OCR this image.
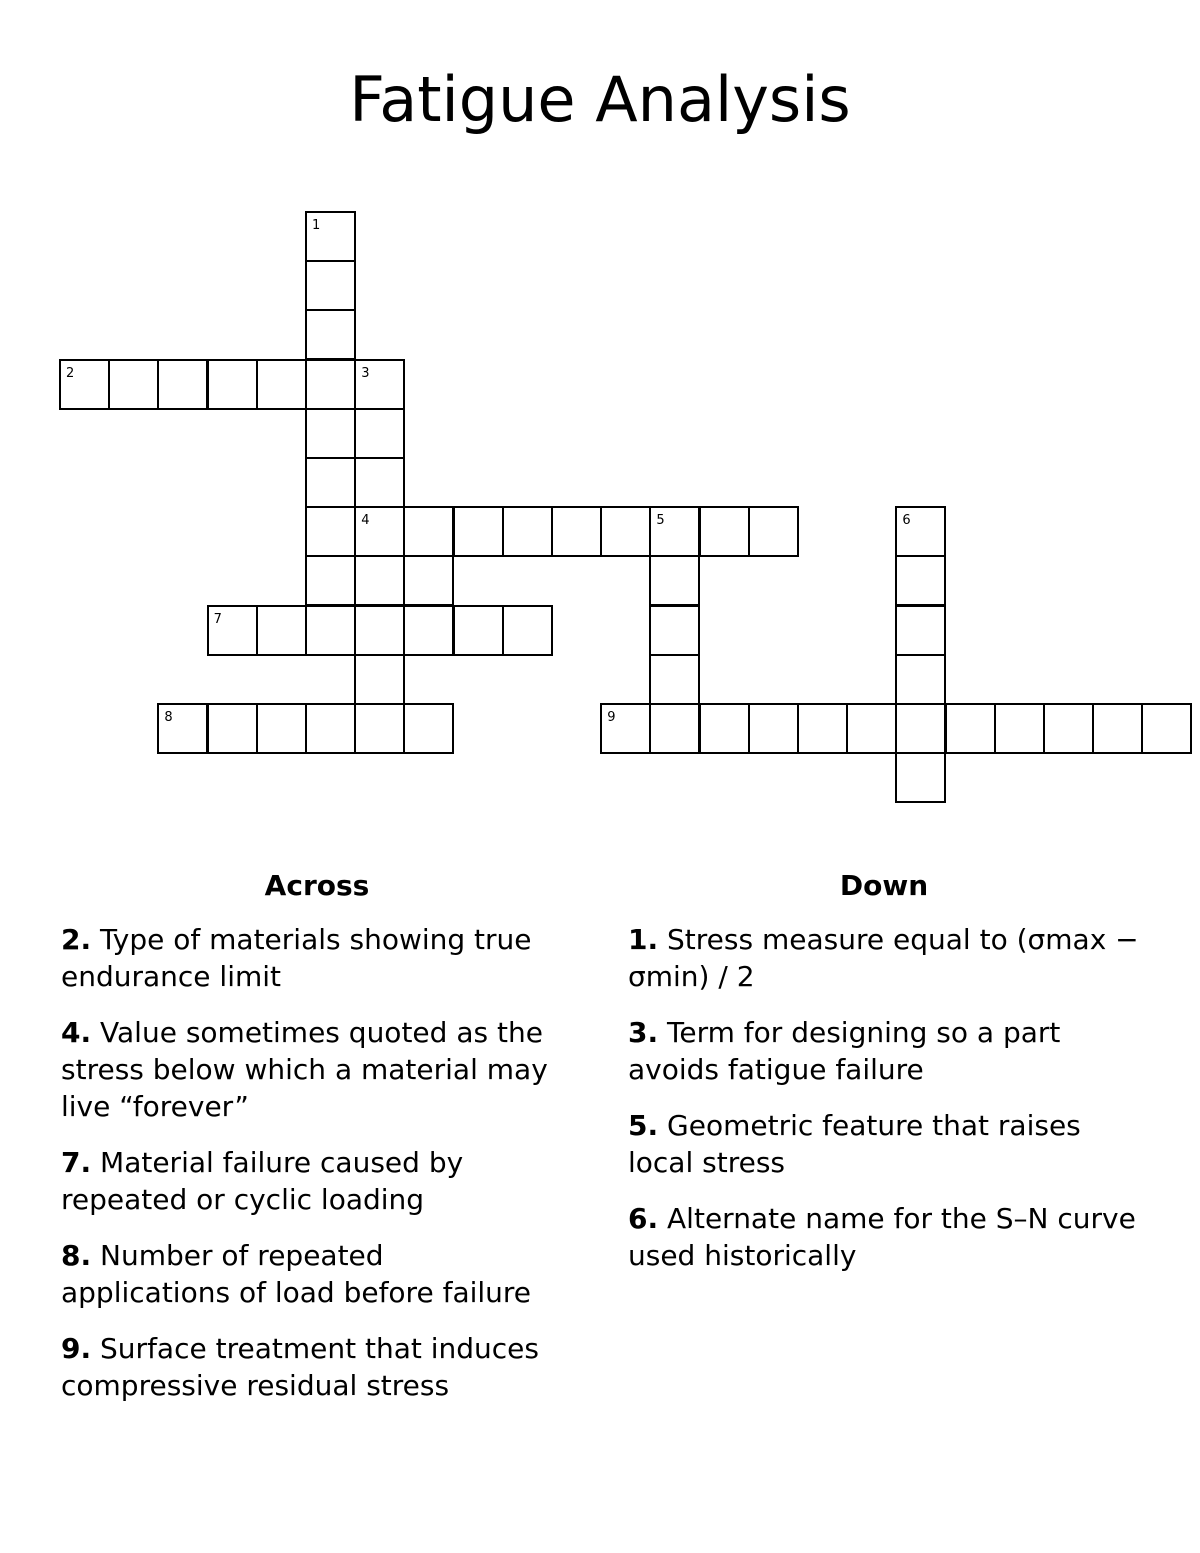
Fatigue Analysis
1
2	3
4	5	6
7
8	9
Across
2. Type of materials showing true endurance limit
4. Value sometimes quoted as the stress below which a material may live “forever”
7. Material failure caused by repeated or cyclic loading
8. Number of repeated applications of load before failure
9. Surface treatment that induces compressive residual stress
Down
1. Stress measure equal to (σmax − σmin) / 2
3. Term for designing so a part avoids fatigue failure
5. Geometric feature that raises local stress
6. Alternate name for the S–N curve used historically
